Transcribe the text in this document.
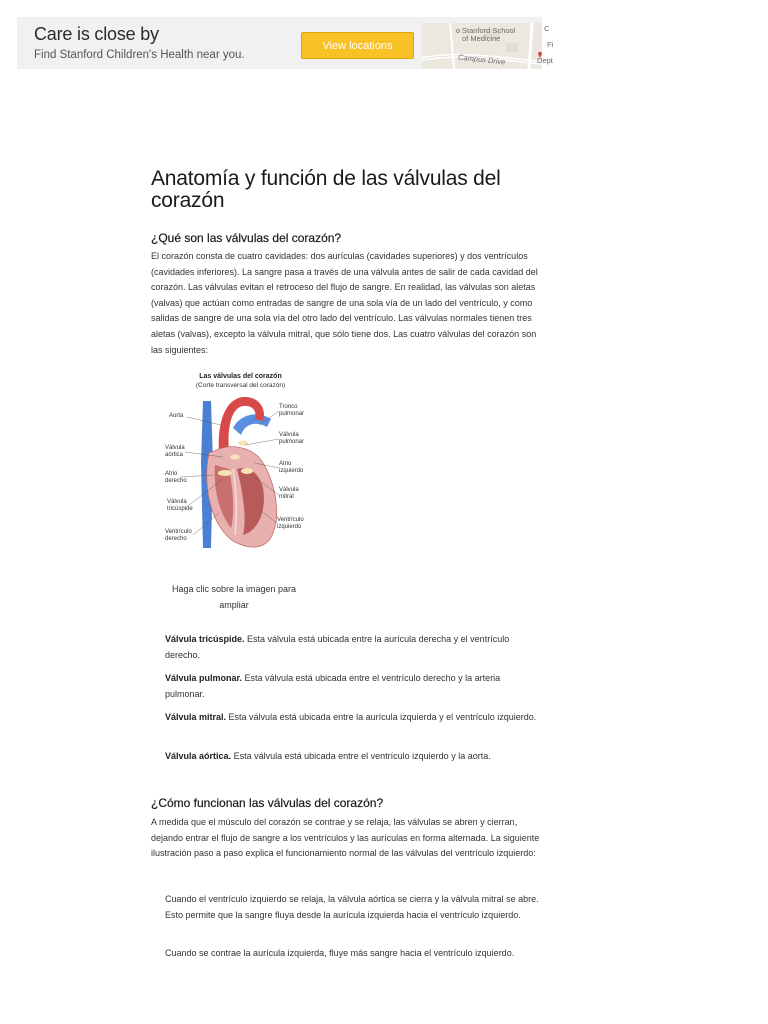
Care is close by

Find Stanford Children's Health near you.

View locations
Stanford School
of Medicine
Campus Drive	Dept
C
Fi
Anatomía y función de las válvulas del corazón
¿Qué son las válvulas del corazón?

El corazón consta de cuatro cavidades: dos aurículas (cavidades superiores) y dos ventrículos (cavidades inferiores). La sangre pasa a través de una válvula antes de salir de cada cavidad del corazón. Las válvulas evitan el retroceso del flujo de sangre. En realidad, las válvulas son aletas (valvas) que actúan como entradas de sangre de una sola vía de un lado del ventrículo, y como salidas de sangre de una sola vía del otro lado del ventrículo. Las válvulas normales tienen tres aletas (valvas), excepto la válvula mitral, que sólo tiene dos. Las cuatro válvulas del corazón son las siguientes:

Las válvulas del corazón
(Corte transversal del corazón)
Aorta
Válvula
aórtica
Atrio
derecho
Válvula
tricúspide
Ventrículo
derecho
Tronco
pulmonar
Válvula
pulmonar
Atrio
izquierdo
Válvula
mitral
Ventrículo
izquierdo
Haga clic sobre la imagen para ampliar

Válvula tricúspide. Esta válvula está ubicada entre la aurícula derecha y el ventrículo derecho.

Válvula pulmonar. Esta válvula está ubicada entre el ventrículo derecho y la arteria pulmonar.

Válvula mitral. Esta válvula está ubicada entre la aurícula izquierda y el ventrículo izquierdo.

Válvula aórtica. Esta válvula está ubicada entre el ventrículo izquierdo y la aorta.

¿Cómo funcionan las válvulas del corazón?

A medida que el músculo del corazón se contrae y se relaja, las válvulas se abren y cierran, dejando entrar el flujo de sangre a los ventrículos y las aurículas en forma alternada. La siguiente ilustración paso a paso explica el funcionamiento normal de las válvulas del ventrículo izquierdo:

Cuando el ventrículo izquierdo se relaja, la válvula aórtica se cierra y la válvula mitral se abre. Esto permite que la sangre fluya desde la aurícula izquierda hacia el ventrículo izquierdo.

Cuando se contrae la aurícula izquierda, fluye más sangre hacia el ventrículo izquierdo.
